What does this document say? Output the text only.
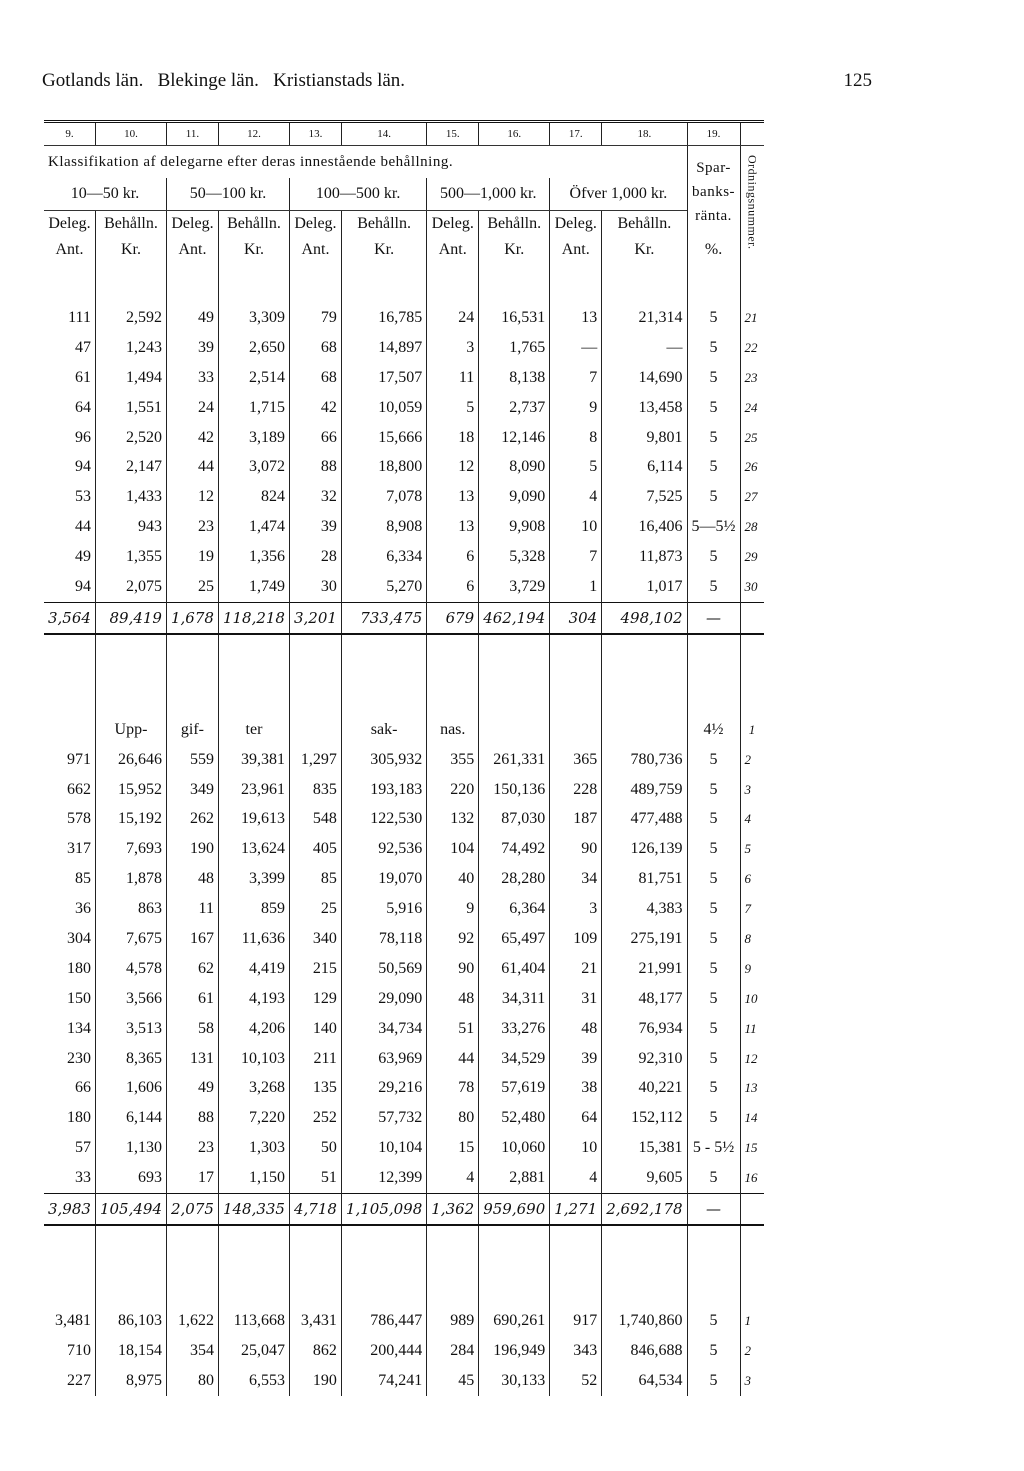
Gotlands län.   Blekinge län.   Kristianstads län.	125
9.	10.	11.	12.	13.	14.	15.	16.	17.	18.	19.	
Klassifikation af delegarne efter deras innestående behållning.										Spar-
banks-
ränta.	Ordningsnummer.
10—50 kr.		50—100 kr.		100—500 kr.		500—1,000 kr.		Öfver 1,000 kr.			
Deleg.	Behålln.	Deleg.	Behålln.	Deleg.	Behålln.	Deleg.	Behålln.	Deleg.	Behålln.		
Ant.	Kr.	Ant.	Kr.	Ant.	Kr.	Ant.	Kr.	Ant.	Kr.	%.	

111	2,592	49	3,309	79	16,785	24	16,531	13	21,314	5	21
47	1,243	39	2,650	68	14,897	3	1,765	—	—	5	22
61	1,494	33	2,514	68	17,507	11	8,138	7	14,690	5	23
64	1,551	24	1,715	42	10,059	5	2,737	9	13,458	5	24
96	2,520	42	3,189	66	15,666	18	12,146	8	9,801	5	25
94	2,147	44	3,072	88	18,800	12	8,090	5	6,114	5	26
53	1,433	12	824	32	7,078	13	9,090	4	7,525	5	27
44	943	23	1,474	39	8,908	13	9,908	10	16,406	5—5½	28
49	1,355	19	1,356	28	6,334	6	5,328	7	11,873	5	29
94	2,075	25	1,749	30	5,270	6	3,729	1	1,017	5	30
3,564	89,419	1,678	118,218	3,201	733,475	679	462,194	304	498,102	—	

	Upp-	gif-	ter		sak-	nas.				4½	1
971	26,646	559	39,381	1,297	305,932	355	261,331	365	780,736	5	2
662	15,952	349	23,961	835	193,183	220	150,136	228	489,759	5	3
578	15,192	262	19,613	548	122,530	132	87,030	187	477,488	5	4
317	7,693	190	13,624	405	92,536	104	74,492	90	126,139	5	5
85	1,878	48	3,399	85	19,070	40	28,280	34	81,751	5	6
36	863	11	859	25	5,916	9	6,364	3	4,383	5	7
304	7,675	167	11,636	340	78,118	92	65,497	109	275,191	5	8
180	4,578	62	4,419	215	50,569	90	61,404	21	21,991	5	9
150	3,566	61	4,193	129	29,090	48	34,311	31	48,177	5	10
134	3,513	58	4,206	140	34,734	51	33,276	48	76,934	5	11
230	8,365	131	10,103	211	63,969	44	34,529	39	92,310	5	12
66	1,606	49	3,268	135	29,216	78	57,619	38	40,221	5	13
180	6,144	88	7,220	252	57,732	80	52,480	64	152,112	5	14
57	1,130	23	1,303	50	10,104	15	10,060	10	15,381	5 - 5½	15
33	693	17	1,150	51	12,399	4	2,881	4	9,605	5	16
3,983	105,494	2,075	148,335	4,718	1,105,098	1,362	959,690	1,271	2,692,178	—	

3,481	86,103	1,622	113,668	3,431	786,447	989	690,261	917	1,740,860	5	1
710	18,154	354	25,047	862	200,444	284	196,949	343	846,688	5	2
227	8,975	80	6,553	190	74,241	45	30,133	52	64,534	5	3
